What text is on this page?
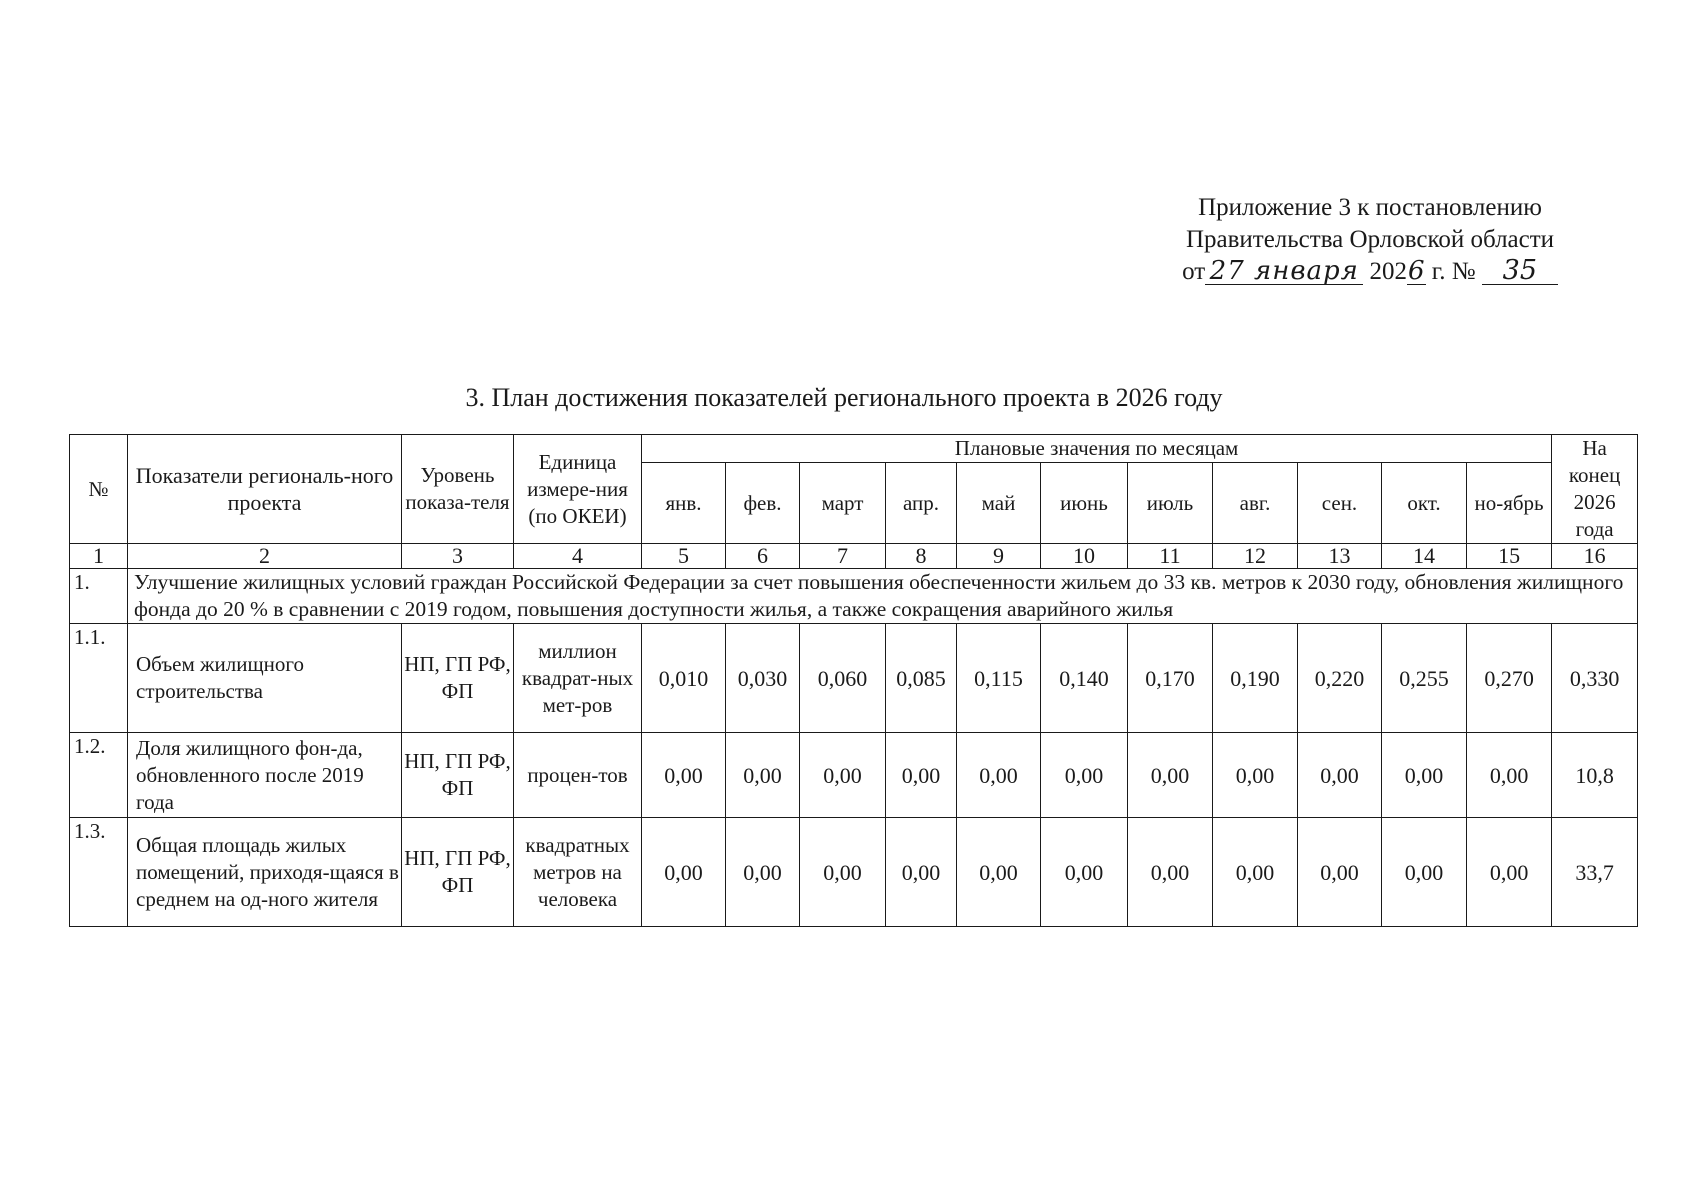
Приложение 3 к постановлению
Правительства Орловской области
от 27 января 2026 г. № 35
3. План достижения показателей регионального проекта в 2026 году
№	Показатели региональ-ного проекта	Уровень показа-теля	Единица измере-ния (по ОКЕИ)	Плановые значения по месяцам											На конец 2026 года
				янв.	фев.	март	апр.	май	июнь	июль	авг.	сен.	окт.	но-ябрь	
1	2	3	4	5	6	7	8	9	10	11	12	13	14	15	16
1.	Улучшение жилищных условий граждан Российской Федерации за счет повышения обеспеченности жильем до 33 кв. метров к 2030 году, обновления жилищного фонда до 20 % в сравнении с 2019 годом, повышения доступности жилья, а также сокращения аварийного жилья														
1.1.	Объем жилищного строительства	НП, ГП РФ, ФП	миллион квадрат-ных мет-ров	0,010	0,030	0,060	0,085	0,115	0,140	0,170	0,190	0,220	0,255	0,270	0,330
1.2.	Доля жилищного фон-да, обновленного после 2019 года	НП, ГП РФ, ФП	процен-тов	0,00	0,00	0,00	0,00	0,00	0,00	0,00	0,00	0,00	0,00	0,00	10,8
1.3.	Общая площадь жилых помещений, приходя-щаяся в среднем на од-ного жителя	НП, ГП РФ, ФП	квадратных метров на человека	0,00	0,00	0,00	0,00	0,00	0,00	0,00	0,00	0,00	0,00	0,00	33,7
